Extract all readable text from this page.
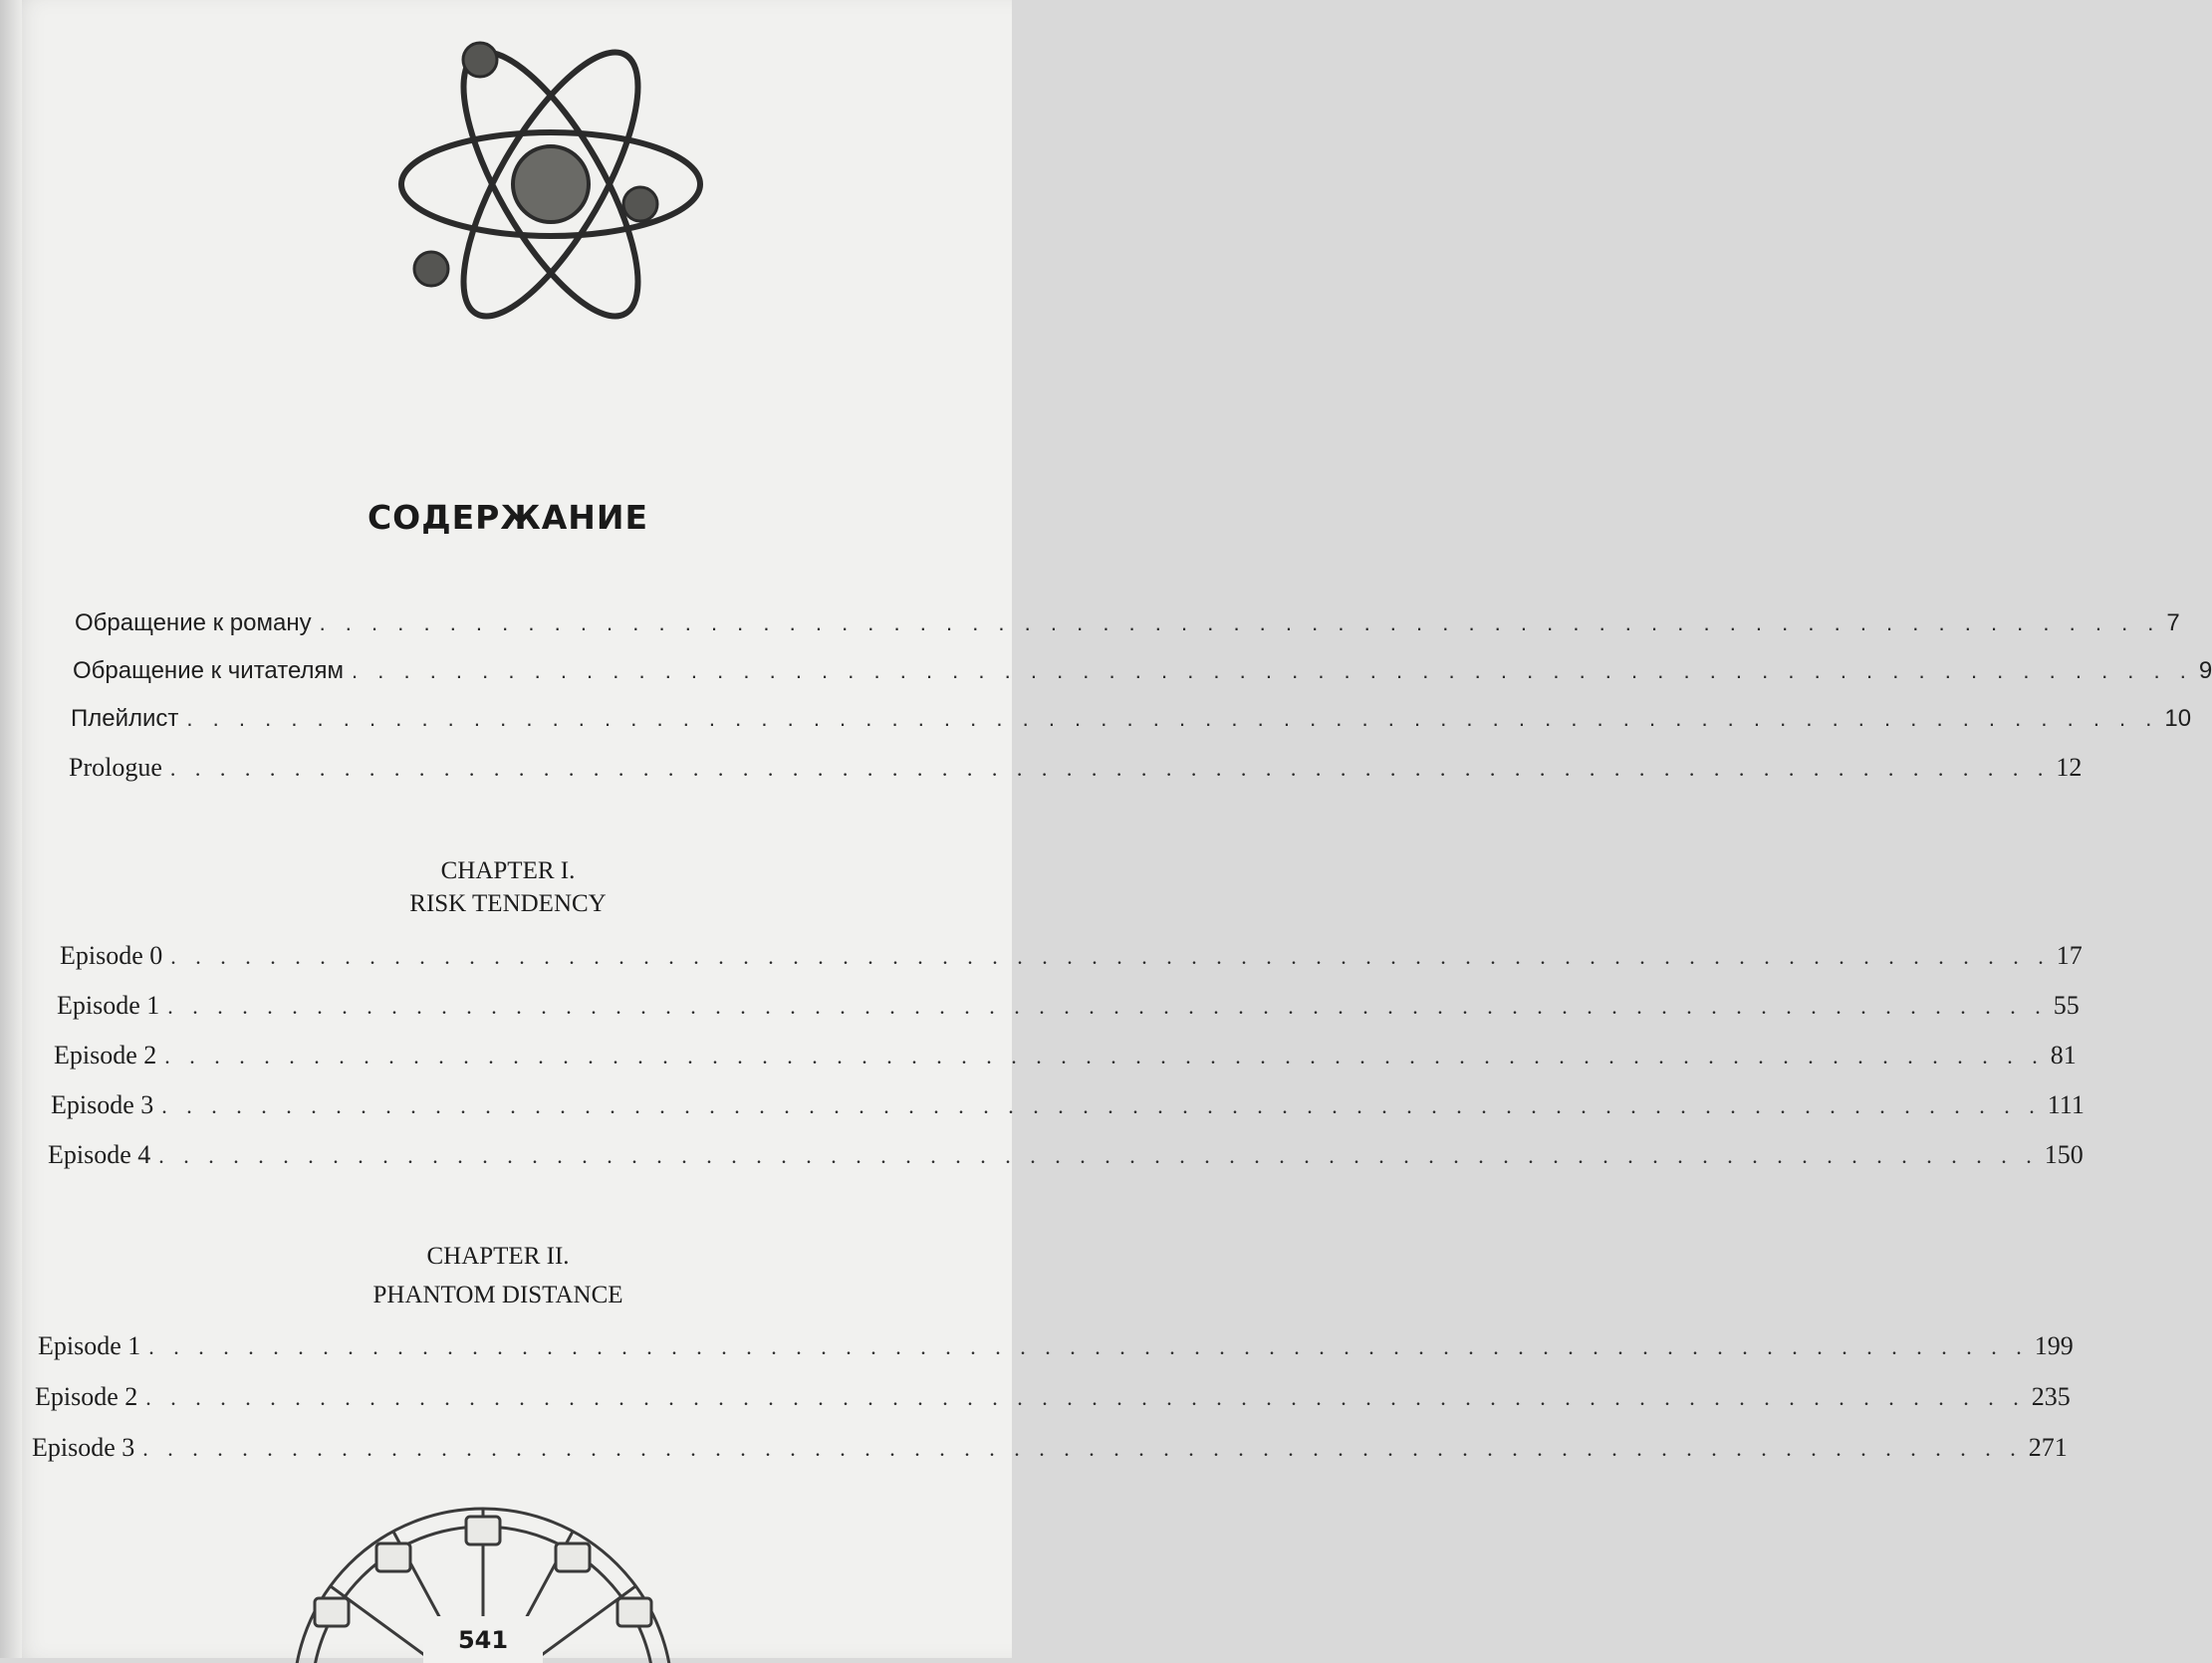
СОДЕРЖАНИЕ
Обращение к роману . . . . . . . . . . . . . . . . . . . . . . . . . . . . . . . . . . . . . . . . . . . . . . . . . . . . . . . . . . . . . . . . . . . . . . . 7
Обращение к читателям . . . . . . . . . . . . . . . . . . . . . . . . . . . . . . . . . . . . . . . . . . . . . . . . . . . . . . . . . . . . . . . . . . . . . . . 9
Плейлист . . . . . . . . . . . . . . . . . . . . . . . . . . . . . . . . . . . . . . . . . . . . . . . . . . . . . . . . . . . . . . . . . . . . . . . . . . . . 10
Prologue . . . . . . . . . . . . . . . . . . . . . . . . . . . . . . . . . . . . . . . . . . . . . . . . . . . . . . . . . . . . . . . . . . . . . . . . . . . . 12
CHAPTER I.
RISK TENDENCY
Episode 0 . . . . . . . . . . . . . . . . . . . . . . . . . . . . . . . . . . . . . . . . . . . . . . . . . . . . . . . . . . . . . . . . . . . . . . . . . . . . 17
Episode 1 . . . . . . . . . . . . . . . . . . . . . . . . . . . . . . . . . . . . . . . . . . . . . . . . . . . . . . . . . . . . . . . . . . . . . . . . . . . . 55
Episode 2 . . . . . . . . . . . . . . . . . . . . . . . . . . . . . . . . . . . . . . . . . . . . . . . . . . . . . . . . . . . . . . . . . . . . . . . . . . . . 81
Episode 3 . . . . . . . . . . . . . . . . . . . . . . . . . . . . . . . . . . . . . . . . . . . . . . . . . . . . . . . . . . . . . . . . . . . . . . . . . . . . 111
Episode 4 . . . . . . . . . . . . . . . . . . . . . . . . . . . . . . . . . . . . . . . . . . . . . . . . . . . . . . . . . . . . . . . . . . . . . . . . . . . . 150
CHAPTER II.
PHANTOM DISTANCE
Episode 1 . . . . . . . . . . . . . . . . . . . . . . . . . . . . . . . . . . . . . . . . . . . . . . . . . . . . . . . . . . . . . . . . . . . . . . . . . . . . 199
Episode 2 . . . . . . . . . . . . . . . . . . . . . . . . . . . . . . . . . . . . . . . . . . . . . . . . . . . . . . . . . . . . . . . . . . . . . . . . . . . . 235
Episode 3 . . . . . . . . . . . . . . . . . . . . . . . . . . . . . . . . . . . . . . . . . . . . . . . . . . . . . . . . . . . . . . . . . . . . . . . . . . . . 271
541
